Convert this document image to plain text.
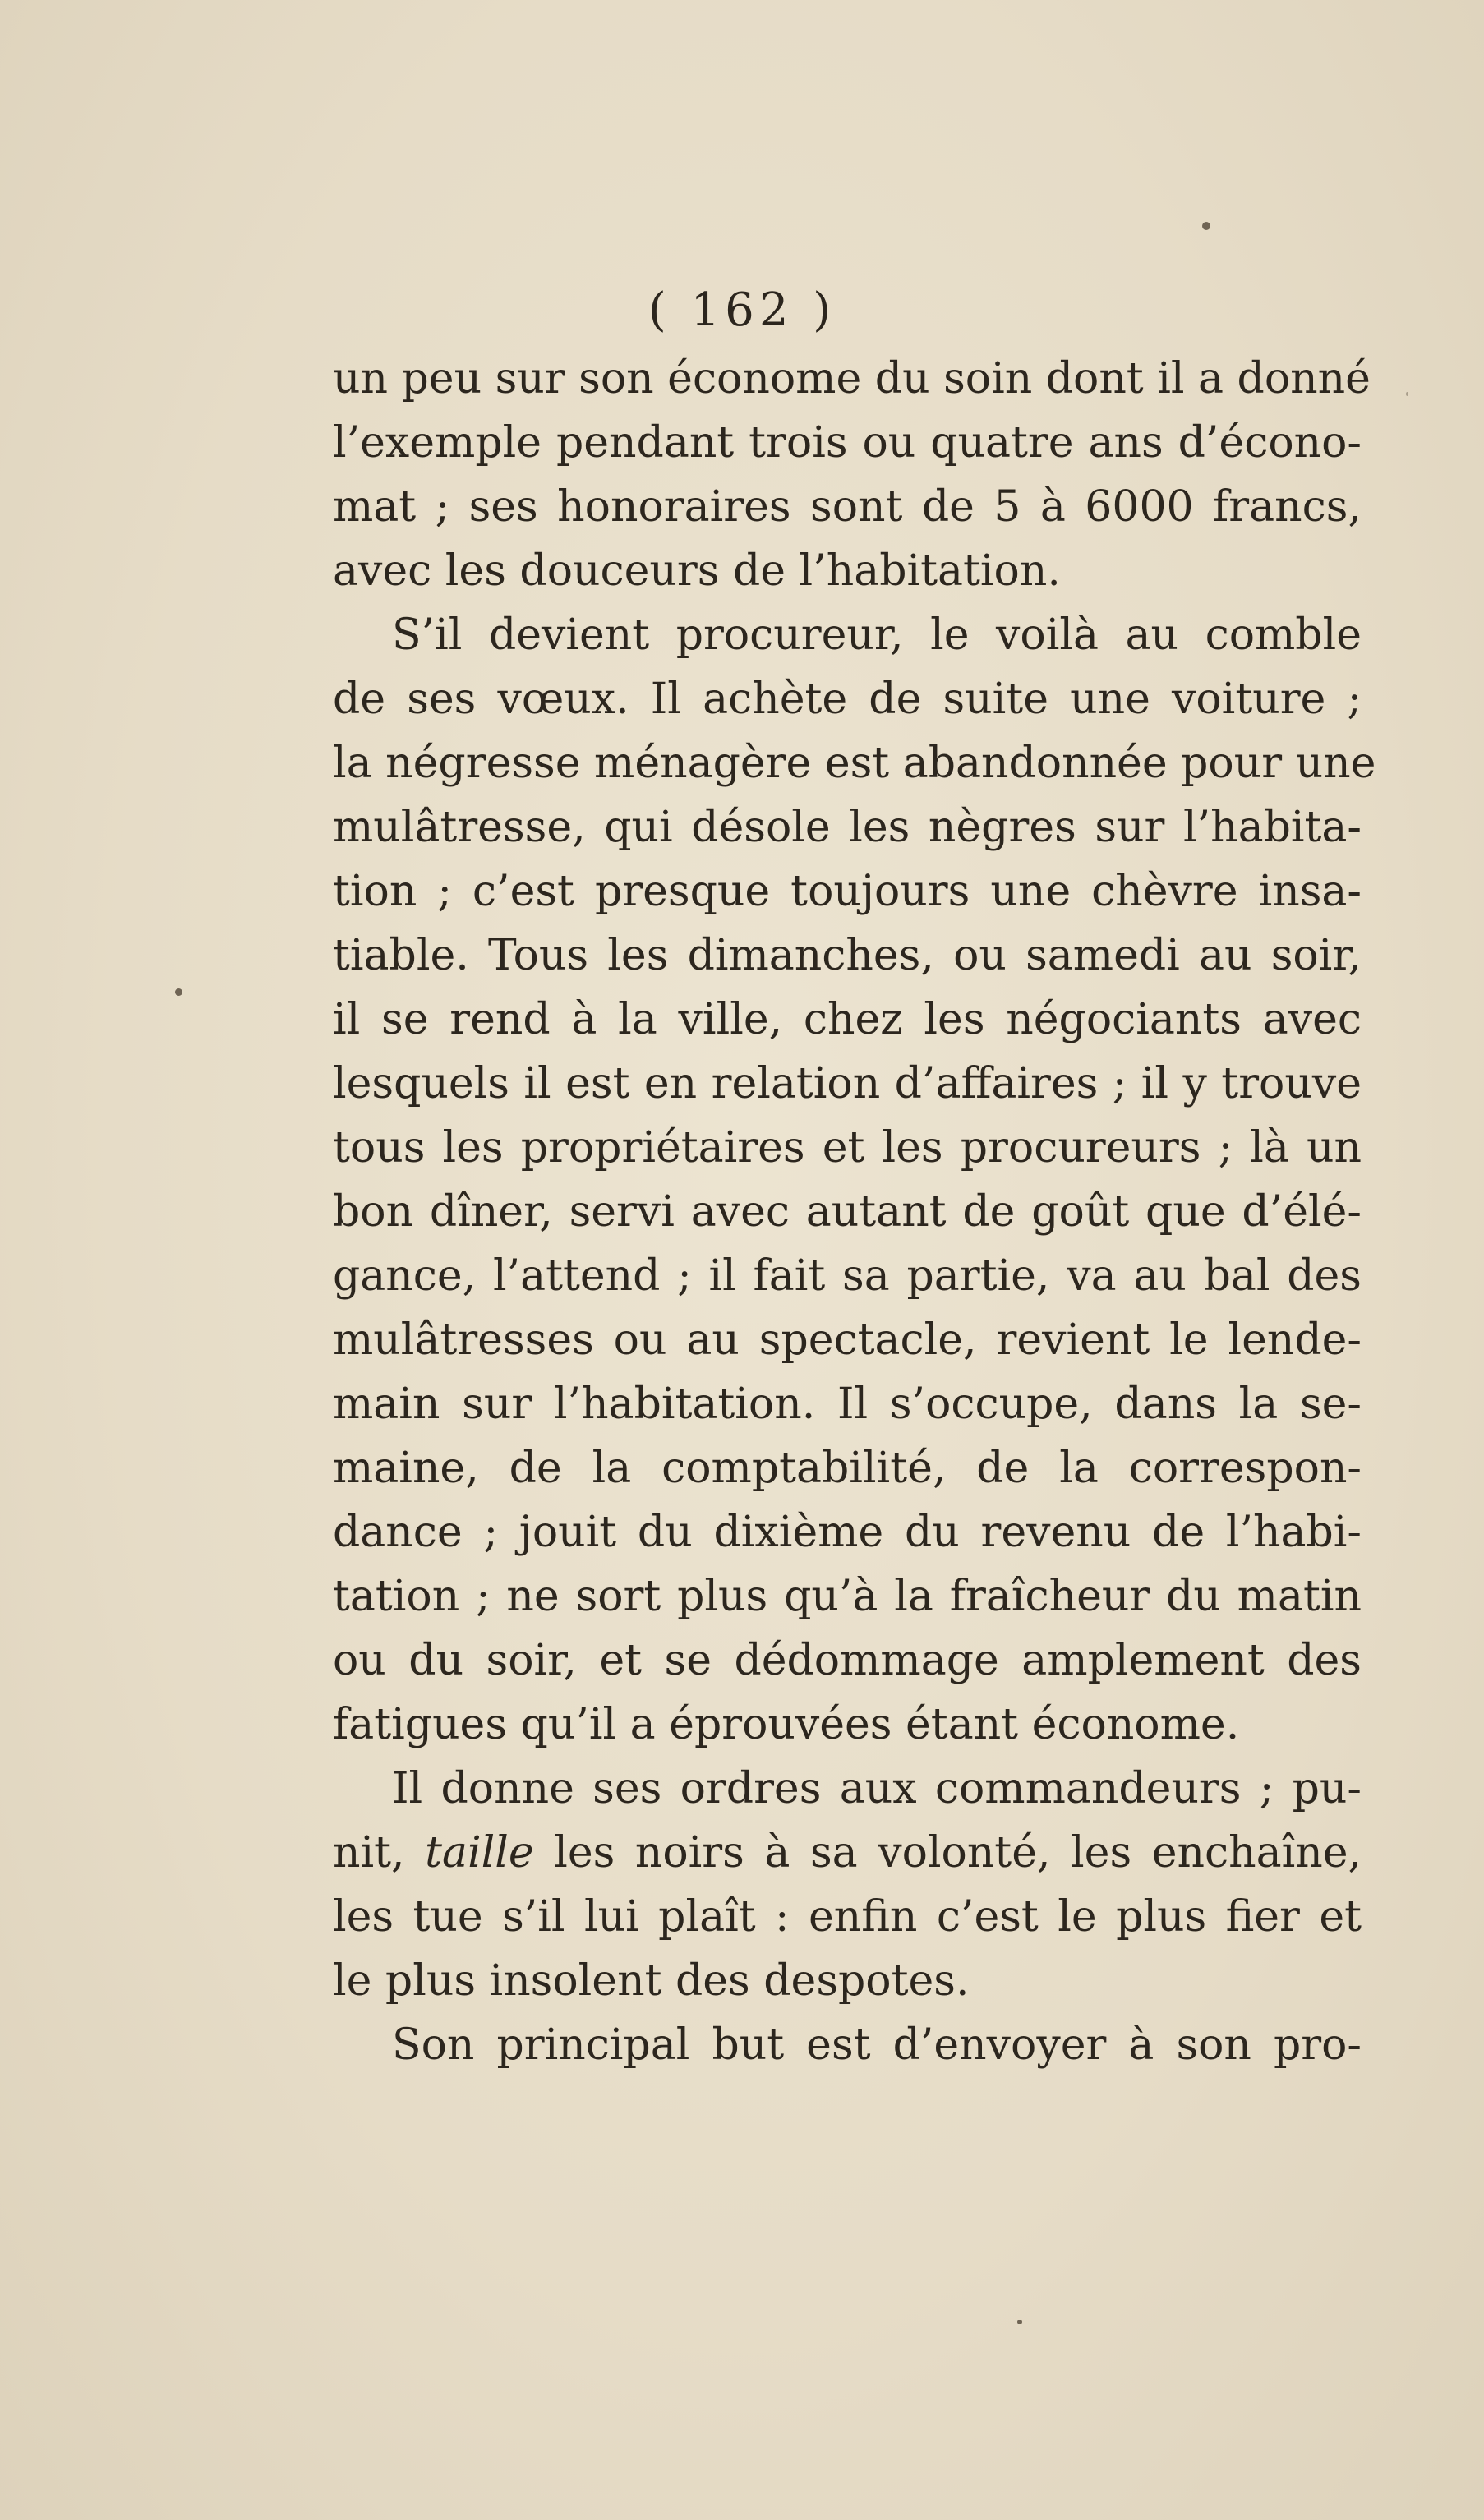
( 162 )
un peu sur son économe du soin dont il a donné
l’exemple pendant trois ou quatre ans d’écono-
mat ; ses honoraires sont de 5 à 6000 francs,
avec les douceurs de l’habitation.
S’il devient procureur, le voilà au comble
de ses vœux. Il achète de suite une voiture ;
la négresse ménagère est abandonnée pour une
mulâtresse, qui désole les nègres sur l’habita-
tion ; c’est presque toujours une chèvre insa-
tiable. Tous les dimanches, ou samedi au soir,
il se rend à la ville, chez les négociants avec
lesquels il est en relation d’affaires ; il y trouve
tous les propriétaires et les procureurs ; là un
bon dîner, servi avec autant de goût que d’élé-
gance, l’attend ; il fait sa partie, va au bal des
mulâtresses ou au spectacle, revient le lende-
main sur l’habitation. Il s’occupe, dans la se-
maine, de la comptabilité, de la correspon-
dance ; jouit du dixième du revenu de l’habi-
tation ; ne sort plus qu’à la fraîcheur du matin
ou du soir, et se dédommage amplement des
fatigues qu’il a éprouvées étant économe.
Il donne ses ordres aux commandeurs ; pu-
nit, taille les noirs à sa volonté, les enchaîne,
les tue s’il lui plaît : enfin c’est le plus fier et
le plus insolent des despotes.
Son principal but est d’envoyer à son pro-
